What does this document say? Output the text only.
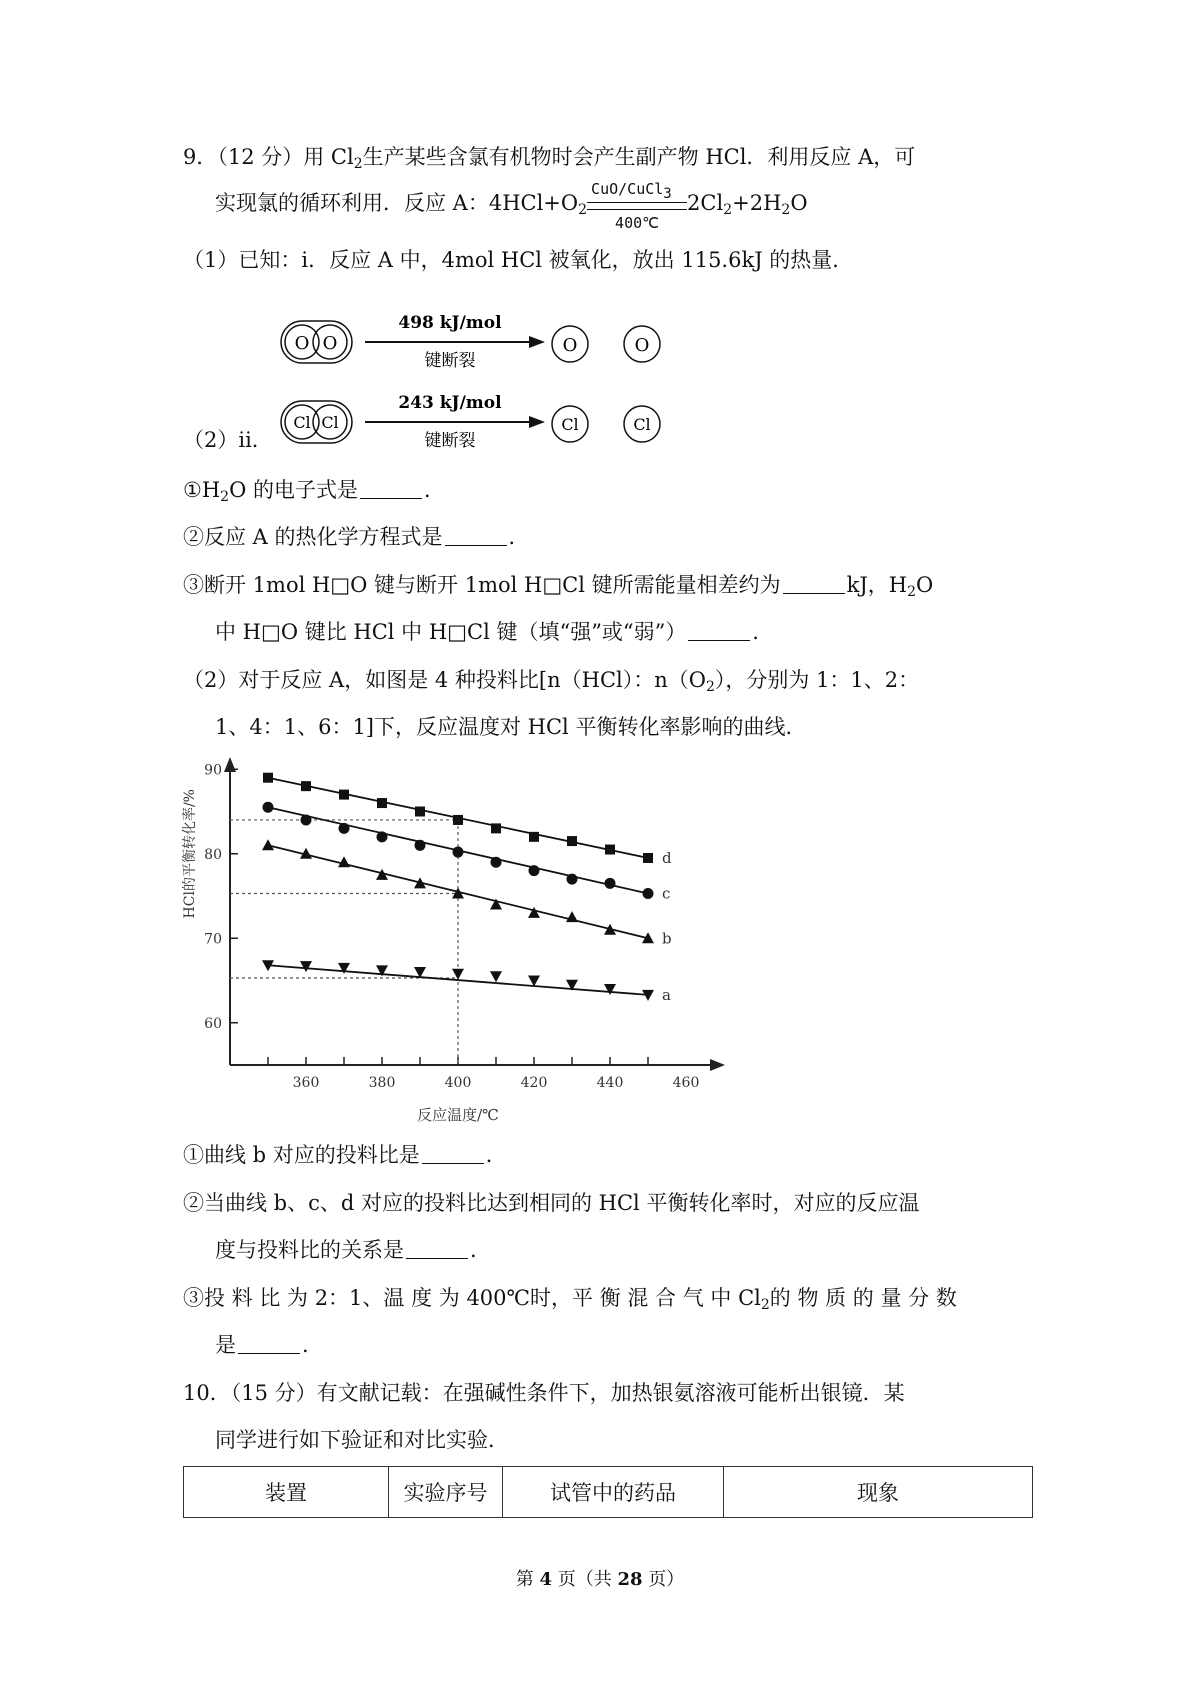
9．（12 分）用 $Cl_2$生产某些含氯有机物时会产生副产物 HCl．利用反应 A，可
实现氯的循环利用．反应 A：$4HCl+O_2$
CuO/CuCl$_3$
400℃
$2Cl_2+2H_2O$
（1）已知：i．反应 A 中，4mol HCl 被氧化，放出 115.6kJ 的热量．
O O
498 kJ/mol
键断裂
O	O
Cl Cl
243 kJ/mol
键断裂
Cl	Cl
（2）ii．
$①H_2O$ 的电子式是	．
②反应 A 的热化学方程式是	．
③断开 1mol H□O 键与断开 1mol H□Cl 键所需能量相差约为	kJ，$H_2O$
中 H□O 键比 HCl 中 H□Cl 键（填“强”或“弱”）	．
（2）对于反应 A，如图是 4 种投料比[n（HCl）：$n(O_2)$，分别为 1：1、2：
1、4：1、6：1]下，反应温度对 HCl 平衡转化率影响的曲线．
60
70
80
90
360	380	400	420	440	460
d
c
b
a
反应温度/℃
HCl的平衡转化率/%
①曲线 b 对应的投料比是	．
②当曲线 b、c、d 对应的投料比达到相同的 HCl 平衡转化率时，对应的反应温
度与投料比的关系是	．
③投 料 比 为 2：1、温 度 为 400℃时，平 衡 混 合 气 中 $Cl_2$的 物 质 的 量 分 数
是	．
10．（15 分）有文献记载：在强碱性条件下，加热银氨溶液可能析出银镜．某
同学进行如下验证和对比实验．
装置	实验序号	试管中的药品	现象
第 4 页（共 28 页）
